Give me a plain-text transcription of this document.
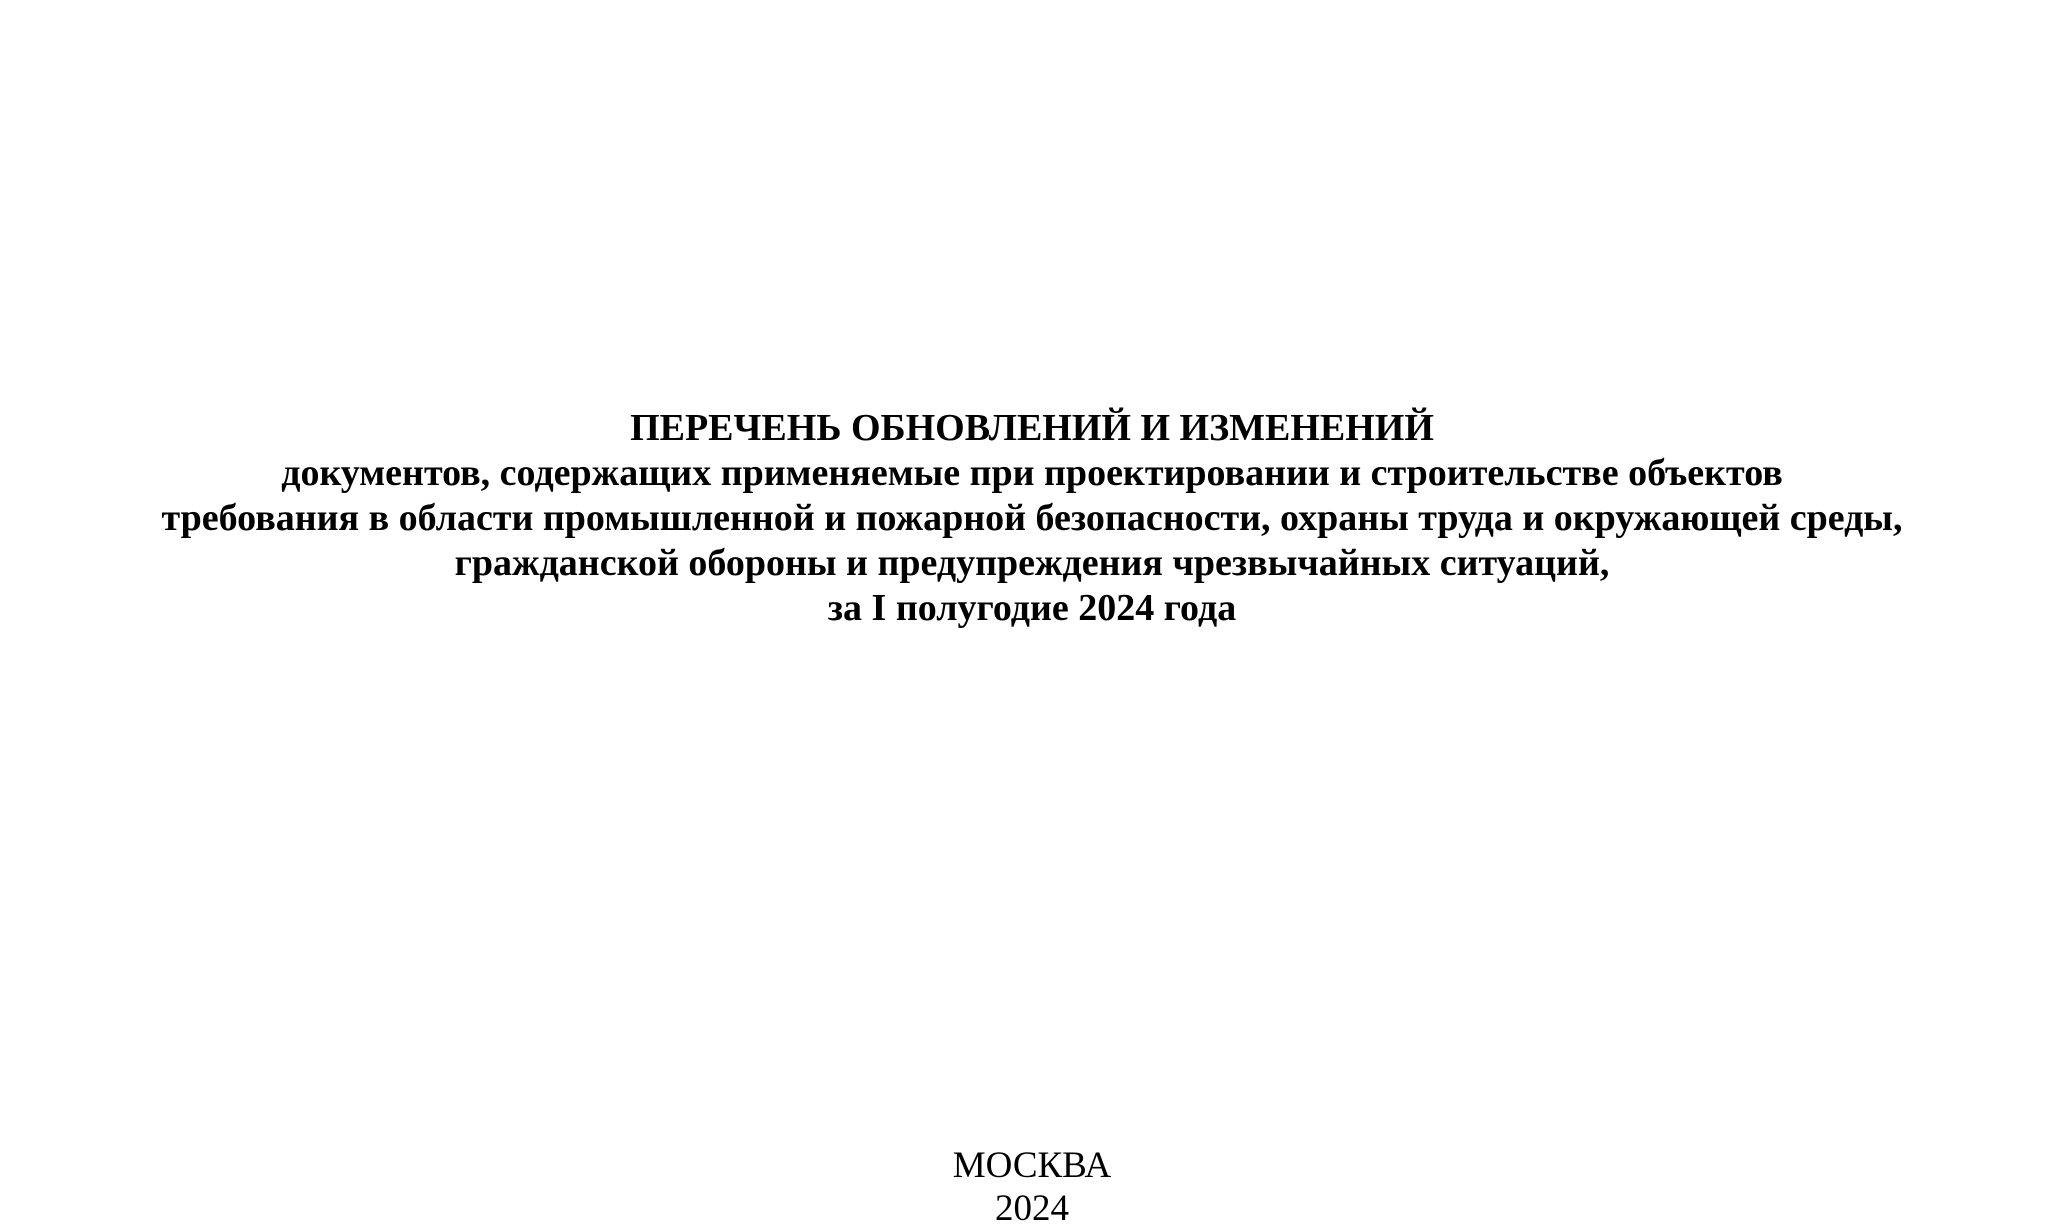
ПЕРЕЧЕНЬ ОБНОВЛЕНИЙ И ИЗМЕНЕНИЙ
документов, содержащих применяемые при проектировании и строительстве объектов
требования в области промышленной и пожарной безопасности, охраны труда и окружающей среды,
гражданской обороны и предупреждения чрезвычайных ситуаций,
за I полугодие 2024 года
МОСКВА
2024
